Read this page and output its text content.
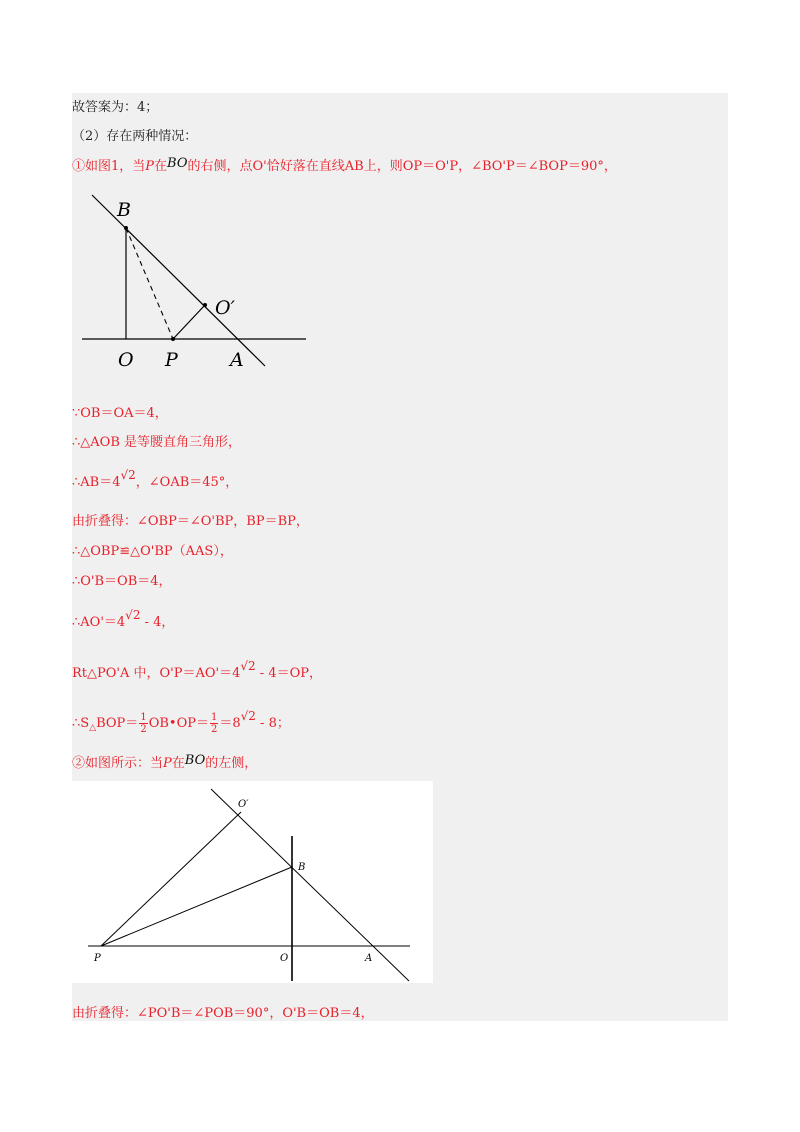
故答案为：4；
（2）存在两种情况：
①如图1，当P在BO的右侧，点O'恰好落在直线AB上，则OP＝O'P，∠BO'P＝∠BOP＝90°，
B
O′
O P	A
∵OB＝OA＝4，
∴△AOB 是等腰直角三角形，
∴AB＝4√2，∠OAB＝45°，
由折叠得：∠OBP＝∠O'BP，BP＝BP，
∴△OBP≌△O'BP（AAS），
∴O'B＝OB＝4，
∴AO'＝4√2 - 4，
Rt△PO'A 中，O'P＝AO'＝4√2 - 4＝OP，
$\therefore S_\triangle BOP= \frac{1}{2}$ OB•OP＝ $\frac{1}{2} =8√2 - 8$；
②如图所示：当P在BO的左侧，
O′
B
P	O	A
由折叠得：∠PO'B＝∠POB＝90°，O'B＝OB＝4，
